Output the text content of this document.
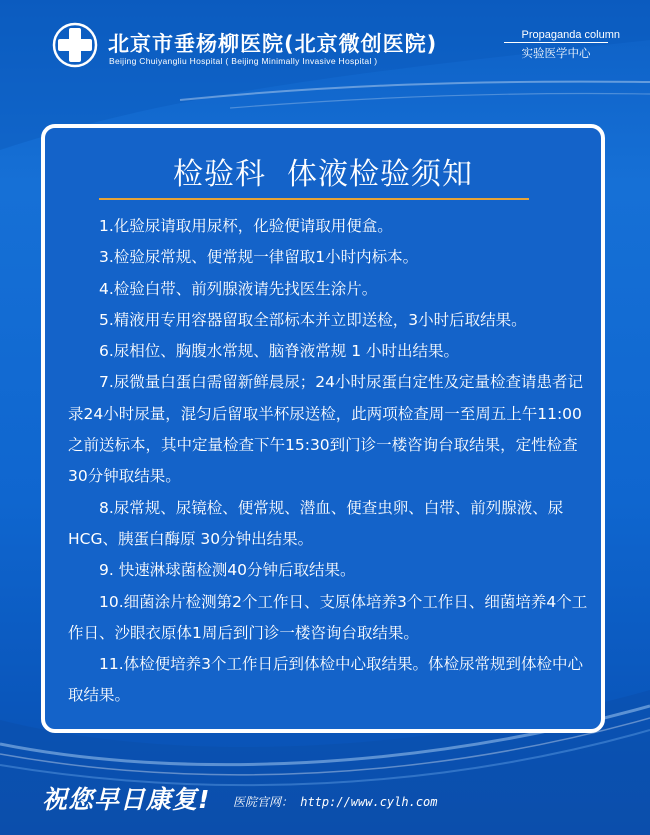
北京市垂杨柳医院(北京微创医院)
Beijing Chuiyangliu Hospital ( Beijing Minimally Invasive Hospital )
Propaganda column
实验医学中心
检验科  体液检验须知
1.化验尿请取用尿杯，化验便请取用便盒。
3.检验尿常规、便常规一律留取1小时内标本。
4.检验白带、前列腺液请先找医生涂片。
5.精液用专用容器留取全部标本并立即送检，3小时后取结果。
6.尿相位、胸腹水常规、脑脊液常规 1 小时出结果。
7.尿微量白蛋白需留新鲜晨尿；24小时尿蛋白定性及定量检查请患者记录24小时尿量，混匀后留取半杯尿送检，此两项检查周一至周五上午11:00之前送标本，其中定量检查下午15:30到门诊一楼咨询台取结果，定性检查30分钟取结果。
8.尿常规、尿镜检、便常规、潜血、便查虫卵、白带、前列腺液、尿HCG、胰蛋白酶原 30分钟出结果。
9. 快速淋球菌检测40分钟后取结果。
10.细菌涂片检测第2个工作日、支原体培养3个工作日、细菌培养4个工作日、沙眼衣原体1周后到门诊一楼咨询台取结果。
11.体检便培养3个工作日后到体检中心取结果。体检尿常规到体检中心取结果。
祝您早日康复! 医院官网： http://www.cylh.com
